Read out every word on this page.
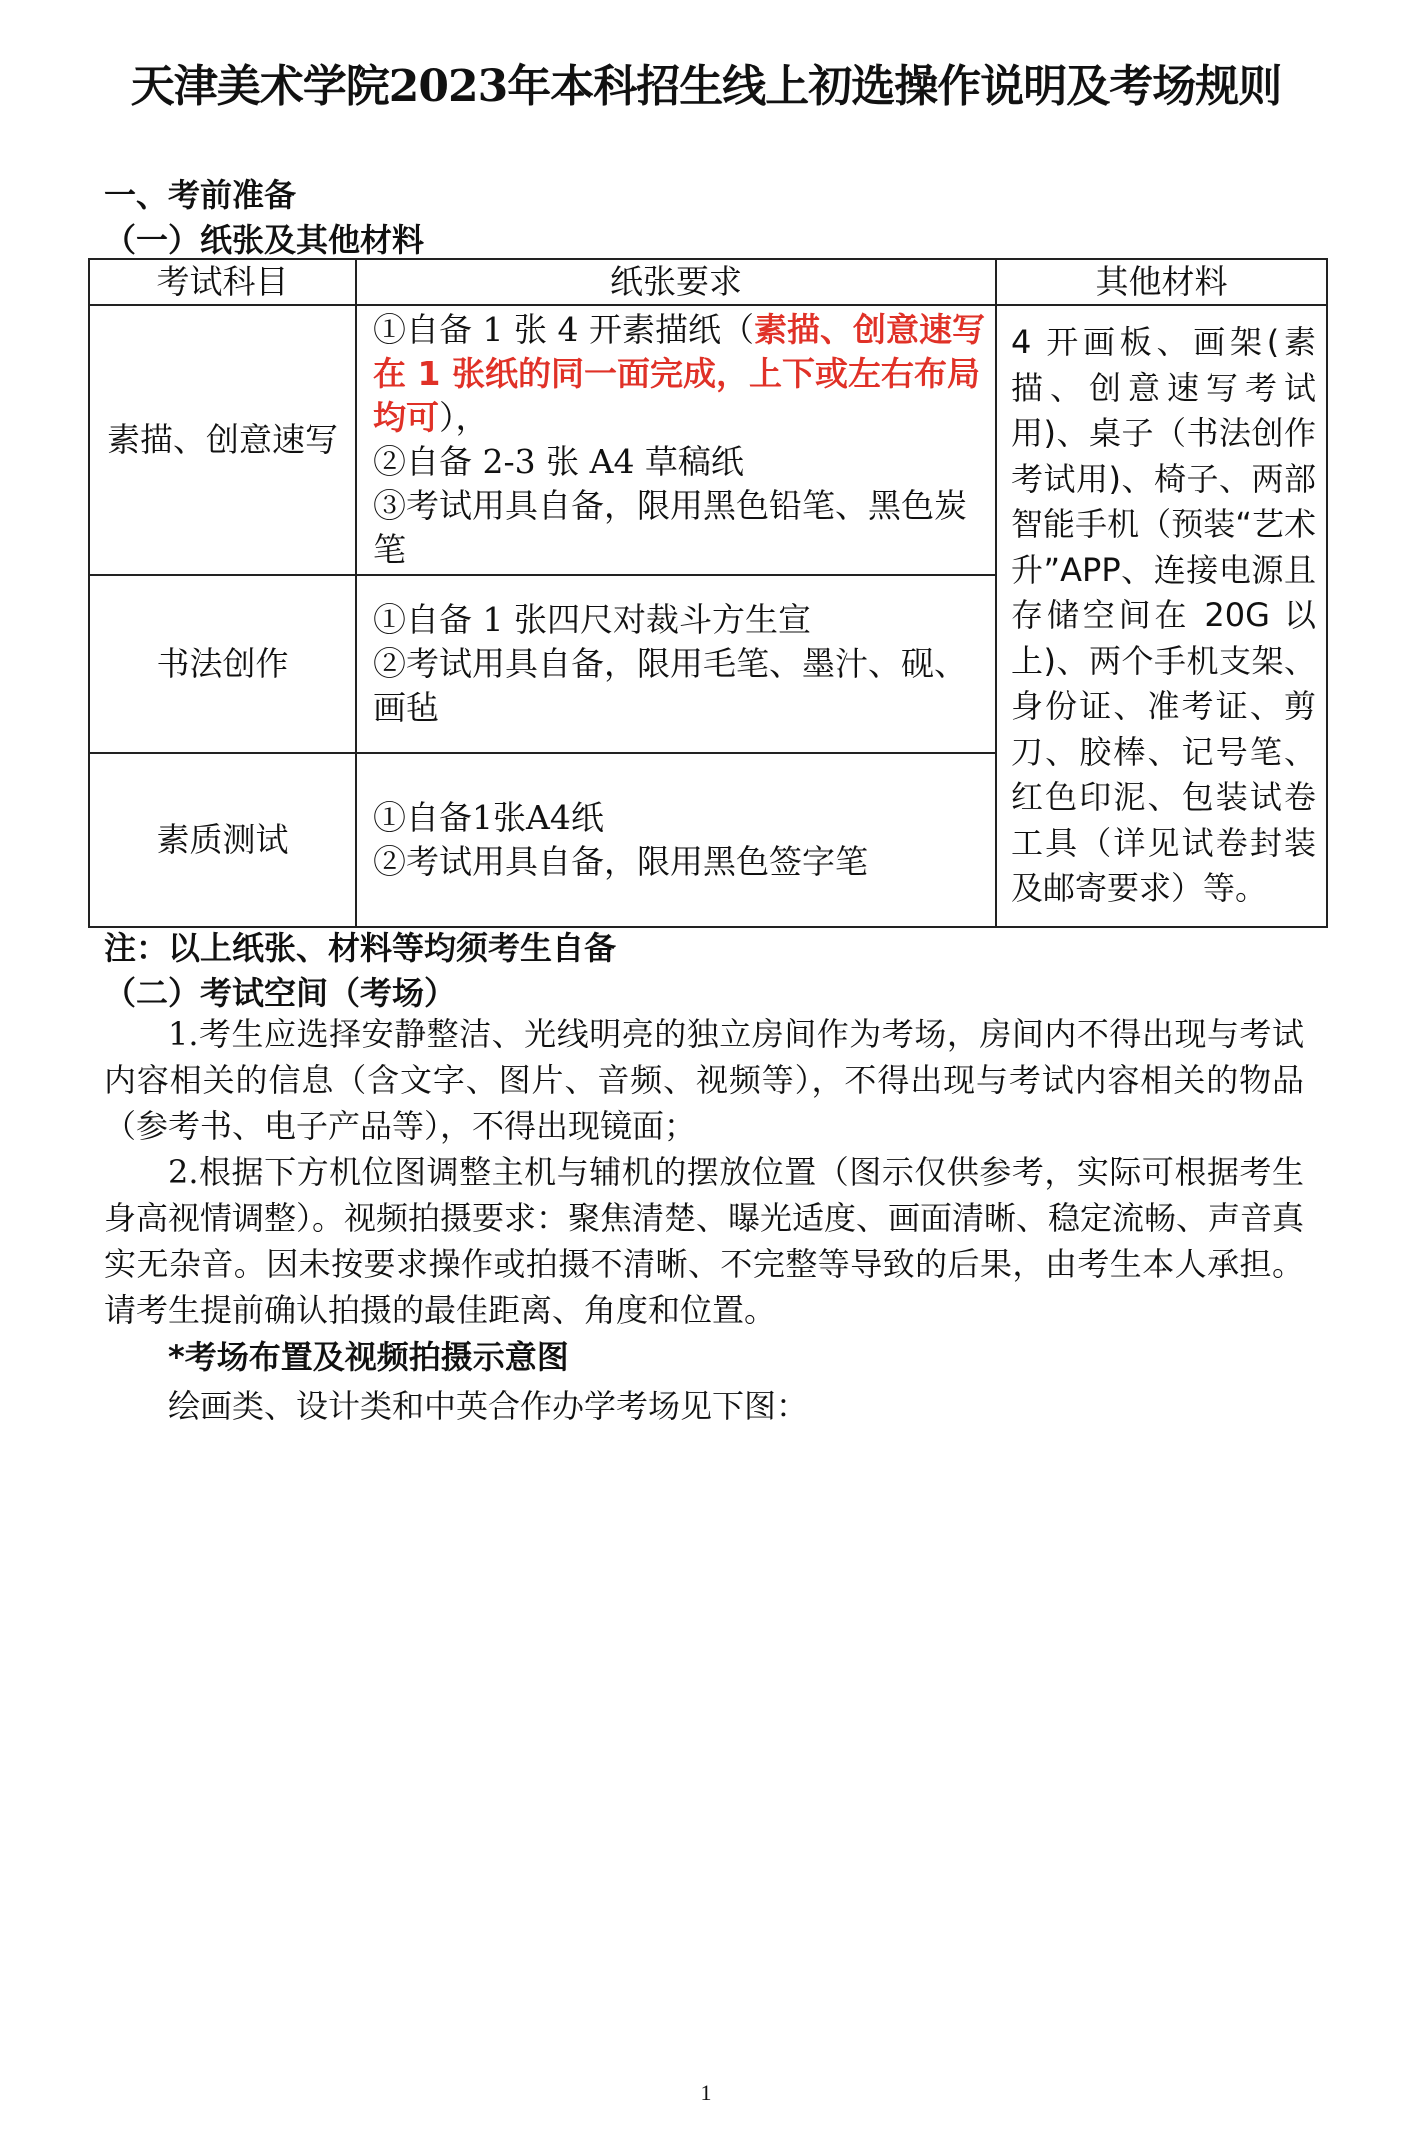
天津美术学院2023年本科招生线上初选操作说明及考场规则
一、考前准备
（一）纸张及其他材料
考试科目	纸张要求	其他材料
素描、创意速写	①自备 1 张 4 开素描纸（素描、创意速写在 1 张纸的同一面完成，上下或左右布局均可），
②自备 2-3 张 A4 草稿纸
③考试用具自备，限用黑色铅笔、黑色炭笔	4 开画板、画架(素描、创意速写考试用)、桌子（书法创作考试用)、椅子、两部智能手机（预装“艺术升”APP、连接电源且存储空间在 20G 以上)、两个手机支架、身份证、准考证、剪刀、胶棒、记号笔、红色印泥、包装试卷工具（详见试卷封装及邮寄要求）等。
书法创作	①自备 1 张四尺对裁斗方生宣
②考试用具自备，限用毛笔、墨汁、砚、画毡	

素质测试	①自备1张A4纸
②考试用具自备，限用黑色签字笔	
注：以上纸张、材料等均须考生自备
（二）考试空间（考场）
1.考生应选择安静整洁、光线明亮的独立房间作为考场，房间内不得出现与考试内容相关的信息（含文字、图片、音频、视频等），不得出现与考试内容相关的物品（参考书、电子产品等），不得出现镜面；
2.根据下方机位图调整主机与辅机的摆放位置（图示仅供参考，实际可根据考生身高视情调整）。视频拍摄要求：聚焦清楚、曝光适度、画面清晰、稳定流畅、声音真实无杂音。因未按要求操作或拍摄不清晰、不完整等导致的后果，由考生本人承担。请考生提前确认拍摄的最佳距离、角度和位置。
*考场布置及视频拍摄示意图
绘画类、设计类和中英合作办学考场见下图：
1
